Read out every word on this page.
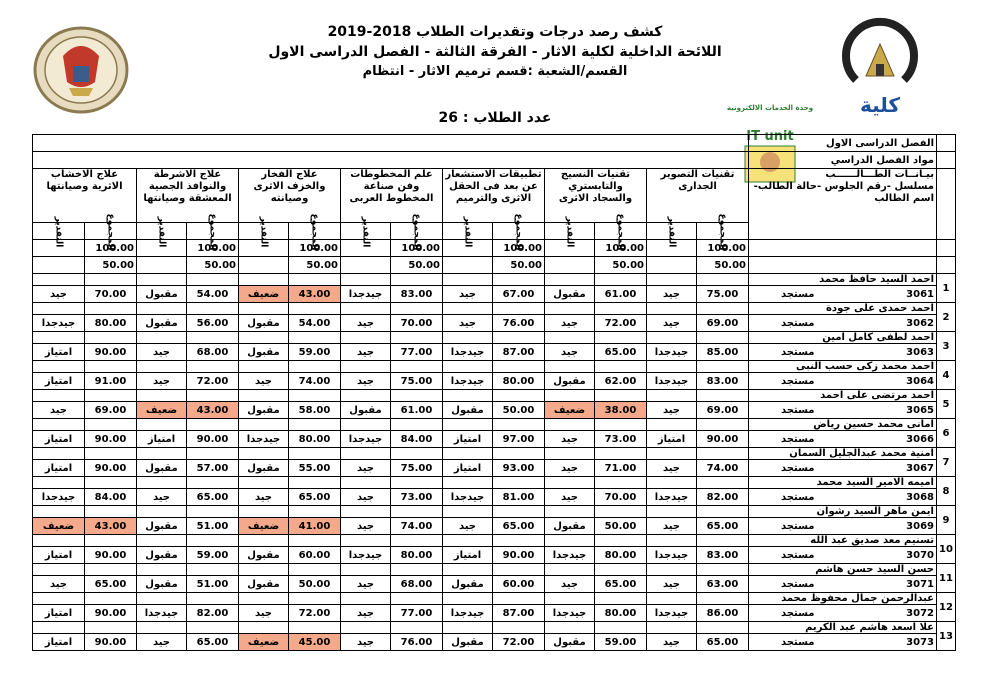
كشف رصد درجات وتقديرات الطلاب 2018-2019
اللائحة الداخلية لكلية الاثار - الفرقة الثالثة - الفصل الدراسى الاول
القسم/الشعبة :قسم ترميم الاثار - انتظام
عدد الطلاب : 26
كلية
وحدة الخدمات الالكترونية
IT unit
														الفصل الدراسى الاول	
														مواد الفصل الدراسي	
علاج الاخشاب الاثرية وصيانتها		علاج الاشرطة والنوافذ الجصية المعشقة وصيانتها		علاج الفخار والخزف الاثرى وصيانته		علم المخطوطات وفن صناعة المخطوط العربى		تطبيقات الاستشعار عن بعد فى الحقل الاثرى والترميم		تقنيات النسيج والتابستري والسجاد الاثرى		تقنيات التصوير الجدارى		بيـانــات الطـــالــــــب
مسلسل -رقم الجلوس -حالة الطالب-اسم الطالب	

التقدير	المجموع	التقدير	المجموع	التقدير	المجموع	التقدير	المجموع	التقدير	المجموع	التقدير	المجموع	التقدير	المجموع		
	100.00		100.00		100.00		100.00		100.00		100.00		100.00		
	50.00		50.00		50.00		50.00		50.00		50.00		50.00		
														احمد السيد حافظ محمد	1
جيد	70.00	مقبول	54.00	ضعيف	43.00	جيدجدا	83.00	جيد	67.00	مقبول	61.00	جيد	75.00	مستجد 3061	

														احمد حمدى على جودة	2
جيدجدا	80.00	مقبول	56.00	مقبول	54.00	جيد	70.00	جيد	76.00	جيد	72.00	جيد	69.00	مستجد 3062	

														احمد لطفى كامل امين	3
امتياز	90.00	جيد	68.00	مقبول	59.00	جيد	77.00	جيدجدا	87.00	جيد	65.00	جيدجدا	85.00	مستجد 3063	

														احمد محمد زكى حسب النبى	4
امتياز	91.00	جيد	72.00	جيد	74.00	جيد	75.00	جيدجدا	80.00	مقبول	62.00	جيدجدا	83.00	مستجد 3064	

														احمد مرتضى على احمد	5
جيد	69.00	ضعيف	43.00	مقبول	58.00	مقبول	61.00	مقبول	50.00	ضعيف	38.00	جيد	69.00	مستجد 3065	

														امانى محمد حسين رياض	6
امتياز	90.00	امتياز	90.00	جيدجدا	80.00	جيدجدا	84.00	امتياز	97.00	جيد	73.00	امتياز	90.00	مستجد 3066	

														امنية محمد عبدالجليل السمان	7
امتياز	90.00	مقبول	57.00	مقبول	55.00	جيد	75.00	امتياز	93.00	جيد	71.00	جيد	74.00	مستجد 3067	

														اميمه الامير السيد محمد	8
جيدجدا	84.00	جيد	65.00	جيد	65.00	جيد	73.00	جيدجدا	81.00	جيد	70.00	جيدجدا	82.00	مستجد 3068	

														ايمن ماهر السيد رشوان	9
ضعيف	43.00	مقبول	51.00	ضعيف	41.00	جيد	74.00	جيد	65.00	مقبول	50.00	جيد	65.00	مستجد 3069	

														تسنيم معد صديق عبد الله	10
امتياز	90.00	مقبول	59.00	مقبول	60.00	جيدجدا	80.00	امتياز	90.00	جيدجدا	80.00	جيدجدا	83.00	مستجد 3070	

														حسن السيد حسن هاشم	11
جيد	65.00	مقبول	51.00	مقبول	50.00	جيد	68.00	مقبول	60.00	جيد	65.00	جيد	63.00	مستجد 3071	

														عبدالرحمن جمال محفوظ محمد	12
امتياز	90.00	جيدجدا	82.00	جيد	72.00	جيد	77.00	جيدجدا	87.00	جيدجدا	80.00	جيدجدا	86.00	مستجد 3072	

														علا اسعد هاشم عبد الكريم	13
امتياز	90.00	جيد	65.00	ضعيف	45.00	جيد	76.00	مقبول	72.00	مقبول	59.00	جيد	65.00	مستجد 3073	
